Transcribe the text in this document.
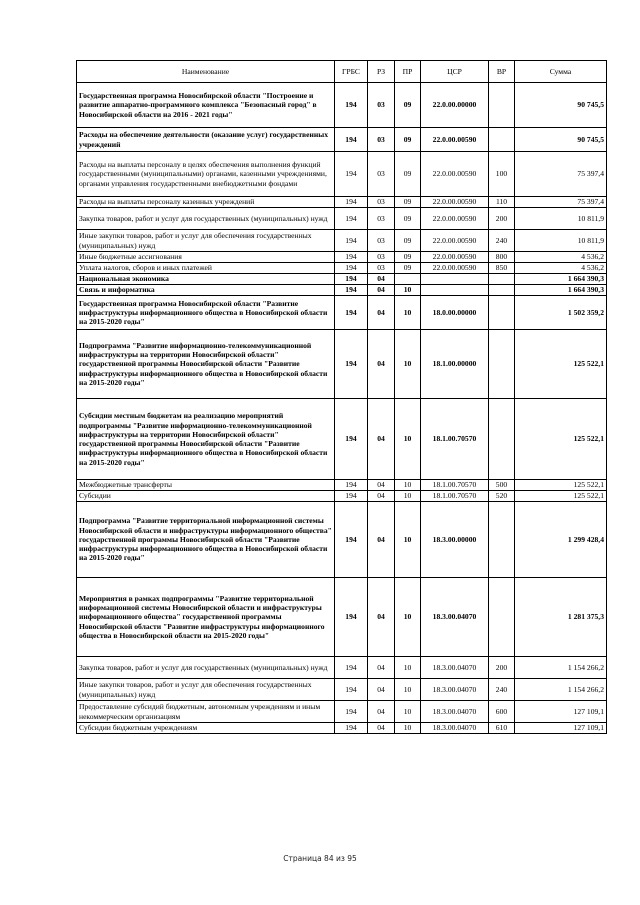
Наименование	ГРБС	РЗ	ПР	ЦСР	ВР	Сумма
Государственная программа Новосибирской области "Построение и развитие аппаратно-программного комплекса "Безопасный город" в Новосибирской области на 2016 - 2021 годы"	194	03	09	22.0.00.00000		90 745,5
Расходы на обеспечение деятельности (оказание услуг) государственных учреждений	194	03	09	22.0.00.00590		90 745,5
Расходы на выплаты персоналу в целях обеспечения выполнения функций государственными (муниципальными) органами, казенными учреждениями, органами управления государственными внебюджетными фондами	194	03	09	22.0.00.00590	100	75 397,4
Расходы на выплаты персоналу казенных учреждений	194	03	09	22.0.00.00590	110	75 397,4
Закупка товаров, работ и услуг для государственных (муниципальных) нужд	194	03	09	22.0.00.00590	200	10 811,9
Иные закупки товаров, работ и услуг для обеспечения государственных (муниципальных) нужд	194	03	09	22.0.00.00590	240	10 811,9
Иные бюджетные ассигнования	194	03	09	22.0.00.00590	800	4 536,2
Уплата налогов, сборов и иных платежей	194	03	09	22.0.00.00590	850	4 536,2
Национальная экономика	194	04				1 664 390,3
Связь и информатика	194	04	10			1 664 390,3
Государственная программа Новосибирской области "Развитие инфраструктуры информационного общества в Новосибирской области на 2015-2020 годы"	194	04	10	18.0.00.00000		1 502 359,2
Подпрограмма "Развитие информационно-телекоммуникационной инфраструктуры на территории Новосибирской области" государственной программы Новосибирской области "Развитие инфраструктуры информационного общества в Новосибирской области на 2015-2020 годы"	194	04	10	18.1.00.00000		125 522,1
Субсидии местным бюджетам на реализацию мероприятий подпрограммы "Развитие информационно-телекоммуникационной инфраструктуры на территории Новосибирской области" государственной программы Новосибирской области "Развитие инфраструктуры информационного общества в Новосибирской области на 2015-2020 годы"	194	04	10	18.1.00.70570		125 522,1
Межбюджетные трансферты	194	04	10	18.1.00.70570	500	125 522,1
Субсидии	194	04	10	18.1.00.70570	520	125 522,1
Подпрограмма "Развитие территориальной информационной системы Новосибирской области и инфраструктуры информационного общества" государственной программы Новосибирской области "Развитие инфраструктуры информационного общества в Новосибирской области на 2015-2020 годы"	194	04	10	18.3.00.00000		1 299 428,4
Мероприятия в рамках подпрограммы "Развитие территориальной информационной системы Новосибирской области и инфраструктуры информационного общества" государственной программы Новосибирской области "Развитие инфраструктуры информационного общества в Новосибирской области на 2015-2020 годы"	194	04	10	18.3.00.04070		1 281 375,3
Закупка товаров, работ и услуг для государственных (муниципальных) нужд	194	04	10	18.3.00.04070	200	1 154 266,2
Иные закупки товаров, работ и услуг для обеспечения государственных (муниципальных) нужд	194	04	10	18.3.00.04070	240	1 154 266,2
Предоставление субсидий бюджетным, автономным учреждениям и иным некоммерческим организациям	194	04	10	18.3.00.04070	600	127 109,1
Субсидии бюджетным учреждениям	194	04	10	18.3.00.04070	610	127 109,1
Страница 84 из 95
